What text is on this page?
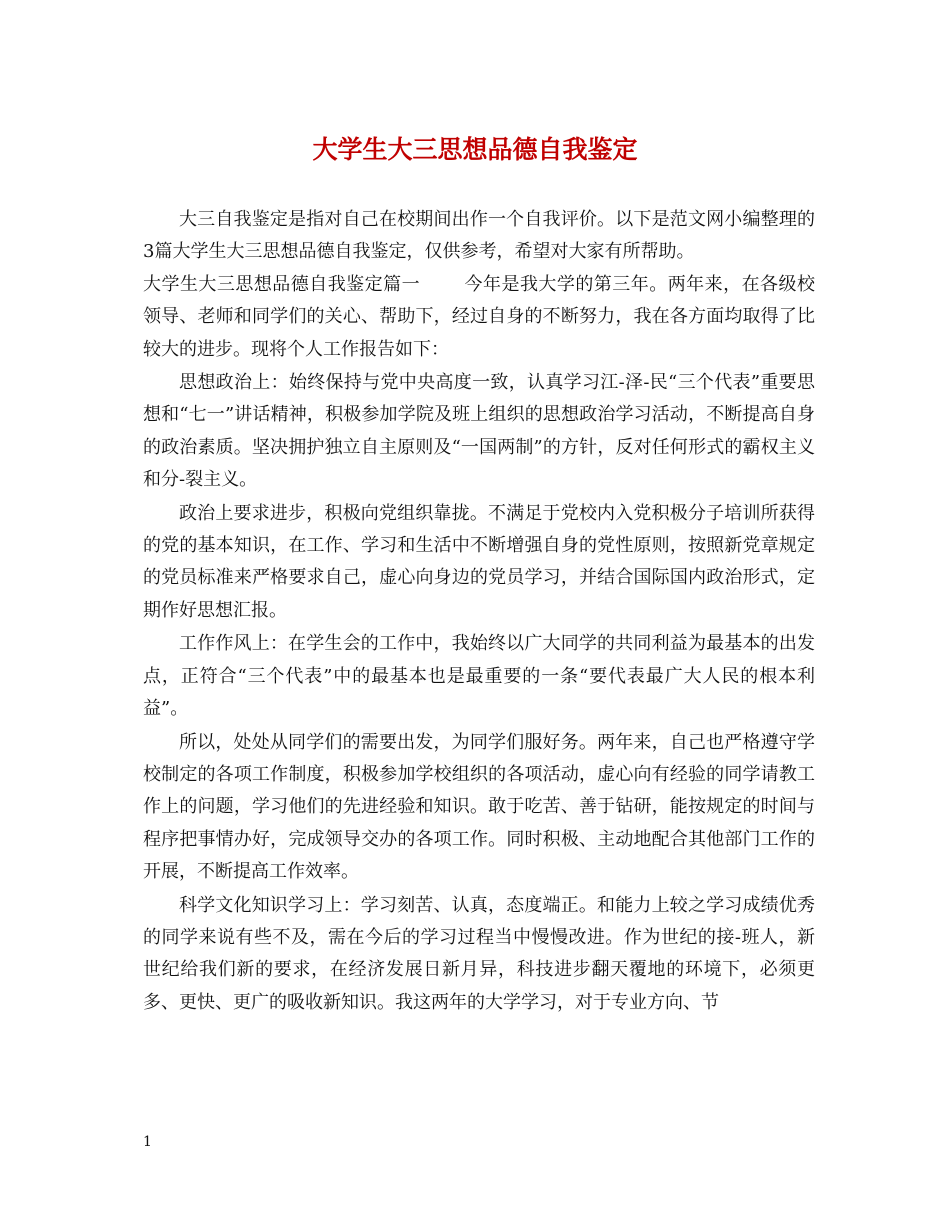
大学生大三思想品德自我鉴定

大三自我鉴定是指对自己在校期间出作一个自我评价。以下是范文网小编整理的3篇大学生大三思想品德自我鉴定，仅供参考，希望对大家有所帮助。

大学生大三思想品德自我鉴定篇一 今年是我大学的第三年。两年来，在各级校领导、老师和同学们的关心、帮助下，经过自身的不断努力，我在各方面均取得了比较大的进步。现将个人工作报告如下：

思想政治上：始终保持与党中央高度一致，认真学习江-泽-民“三个代表”重要思想和“七一”讲话精神，积极参加学院及班上组织的思想政治学习活动，不断提高自身的政治素质。坚决拥护独立自主原则及“一国两制”的方针，反对任何形式的霸权主义和分-裂主义。

政治上要求进步，积极向党组织靠拢。不满足于党校内入党积极分子培训所获得的党的基本知识，在工作、学习和生活中不断增强自身的党性原则，按照新党章规定的党员标准来严格要求自己，虚心向身边的党员学习，并结合国际国内政治形式，定期作好思想汇报。

工作作风上：在学生会的工作中，我始终以广大同学的共同利益为最基本的出发点，正符合“三个代表”中的最基本也是最重要的一条“要代表最广大人民的根本利益”。

所以，处处从同学们的需要出发，为同学们服好务。两年来，自己也严格遵守学校制定的各项工作制度，积极参加学校组织的各项活动，虚心向有经验的同学请教工作上的问题，学习他们的先进经验和知识。敢于吃苦、善于钻研，能按规定的时间与程序把事情办好，完成领导交办的各项工作。同时积极、主动地配合其他部门工作的开展，不断提高工作效率。

科学文化知识学习上：学习刻苦、认真，态度端正。和能力上较之学习成绩优秀的同学来说有些不及，需在今后的学习过程当中慢慢改进。作为世纪的接-班人，新世纪给我们新的要求，在经济发展日新月异，科技进步翻天覆地的环境下，必须更多、更快、更广的吸收新知识。我这两年的大学学习，对于专业方向、节

1
